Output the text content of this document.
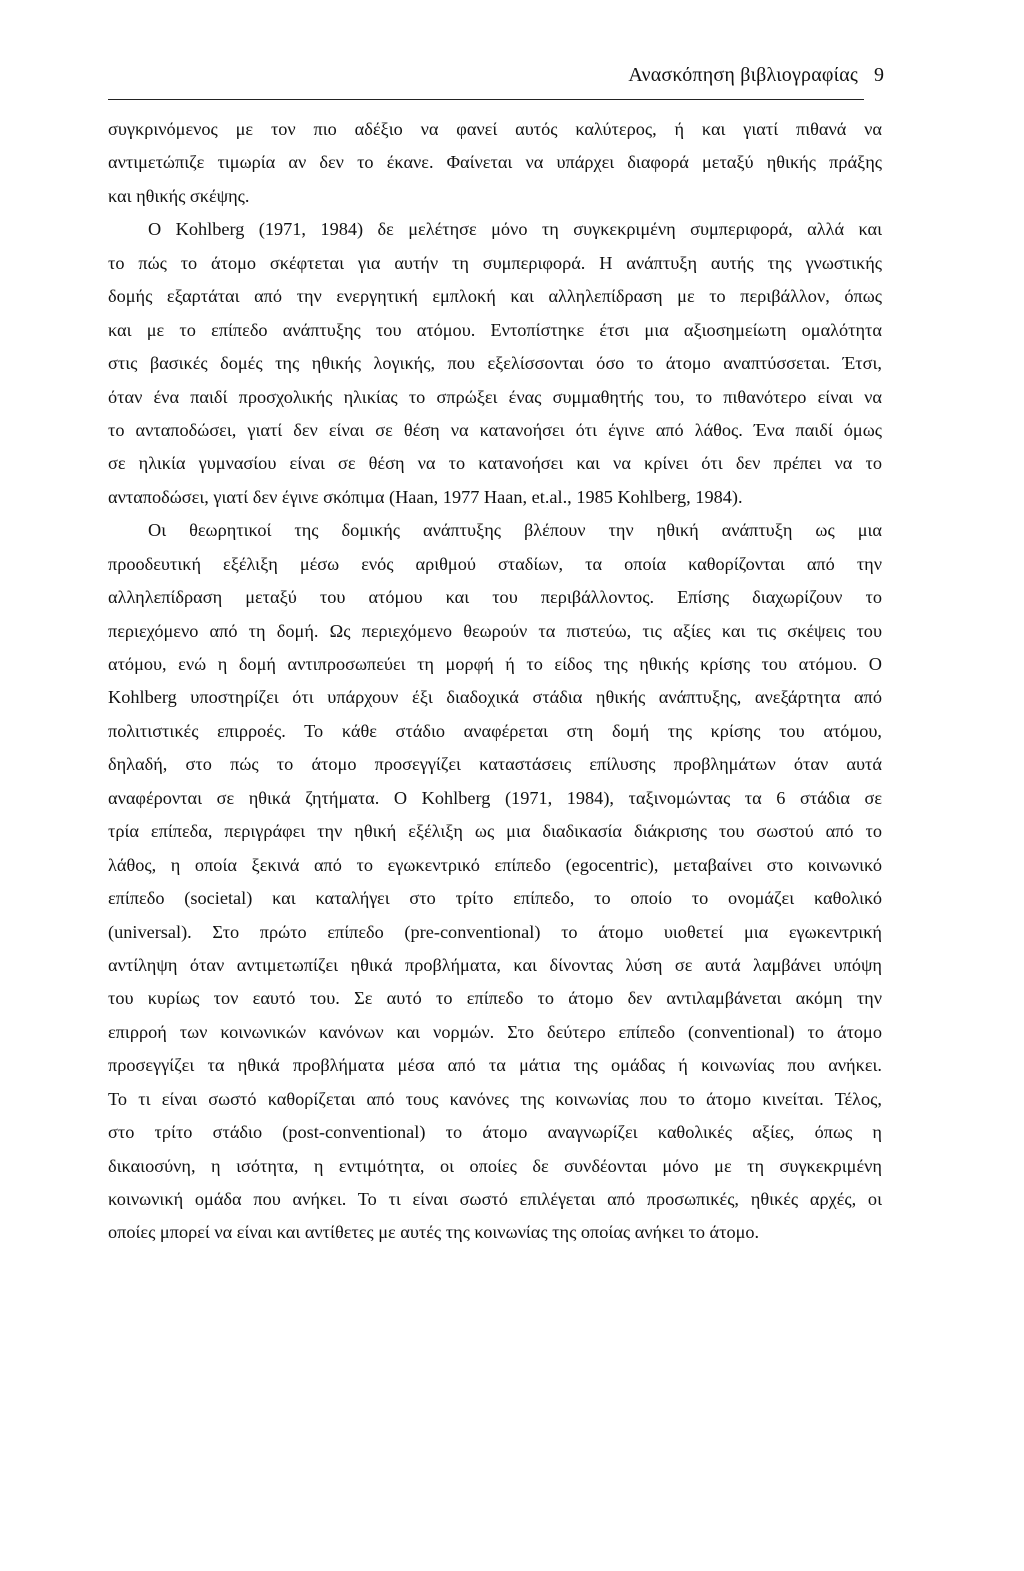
Ανασκόπηση βιβλιογραφίας 9
συγκρινόμενος με τον πιο αδέξιο να φανεί αυτός καλύτερος, ή και γιατί πιθανά να
αντιμετώπιζε τιμωρία αν δεν το έκανε. Φαίνεται να υπάρχει διαφορά μεταξύ ηθικής πράξης
και ηθικής σκέψης.
Ο Kohlberg (1971, 1984) δε μελέτησε μόνο τη συγκεκριμένη συμπεριφορά, αλλά και
το πώς το άτομο σκέφτεται για αυτήν τη συμπεριφορά. Η ανάπτυξη αυτής της γνωστικής
δομής εξαρτάται από την ενεργητική εμπλοκή και αλληλεπίδραση με το περιβάλλον, όπως
και με το επίπεδο ανάπτυξης του ατόμου. Εντοπίστηκε έτσι μια αξιοσημείωτη ομαλότητα
στις βασικές δομές της ηθικής λογικής, που εξελίσσονται όσο το άτομο αναπτύσσεται. Έτσι,
όταν ένα παιδί προσχολικής ηλικίας το σπρώξει ένας συμμαθητής του, το πιθανότερο είναι να
το ανταποδώσει, γιατί δεν είναι σε θέση να κατανοήσει ότι έγινε από λάθος. Ένα παιδί όμως
σε ηλικία γυμνασίου είναι σε θέση να το κατανοήσει και να κρίνει ότι δεν πρέπει να το
ανταποδώσει, γιατί δεν έγινε σκόπιμα (Haan, 1977 Haan, et.al., 1985 Kohlberg, 1984).
Οι θεωρητικοί της δομικής ανάπτυξης βλέπουν την ηθική ανάπτυξη ως μια
προοδευτική εξέλιξη μέσω ενός αριθμού σταδίων, τα οποία καθορίζονται από την
αλληλεπίδραση μεταξύ του ατόμου και του περιβάλλοντος. Επίσης διαχωρίζουν το
περιεχόμενο από τη δομή. Ως περιεχόμενο θεωρούν τα πιστεύω, τις αξίες και τις σκέψεις του
ατόμου, ενώ η δομή αντιπροσωπεύει τη μορφή ή το είδος της ηθικής κρίσης του ατόμου. Ο
Kohlberg υποστηρίζει ότι υπάρχουν έξι διαδοχικά στάδια ηθικής ανάπτυξης, ανεξάρτητα από
πολιτιστικές επιρροές. Το κάθε στάδιο αναφέρεται στη δομή της κρίσης του ατόμου,
δηλαδή, στο πώς το άτομο προσεγγίζει καταστάσεις επίλυσης προβλημάτων όταν αυτά
αναφέρονται σε ηθικά ζητήματα. Ο Kohlberg (1971, 1984), ταξινομώντας τα 6 στάδια σε
τρία επίπεδα, περιγράφει την ηθική εξέλιξη ως μια διαδικασία διάκρισης του σωστού από το
λάθος, η οποία ξεκινά από το εγωκεντρικό επίπεδο (egocentric), μεταβαίνει στο κοινωνικό
επίπεδο (societal) και καταλήγει στο τρίτο επίπεδο, το οποίο το ονομάζει καθολικό
(universal). Στο πρώτο επίπεδο (pre-conventional) το άτομο υιοθετεί μια εγωκεντρική
αντίληψη όταν αντιμετωπίζει ηθικά προβλήματα, και δίνοντας λύση σε αυτά λαμβάνει υπόψη
του κυρίως τον εαυτό του. Σε αυτό το επίπεδο το άτομο δεν αντιλαμβάνεται ακόμη την
επιρροή των κοινωνικών κανόνων και νορμών. Στο δεύτερο επίπεδο (conventional) το άτομο
προσεγγίζει τα ηθικά προβλήματα μέσα από τα μάτια της ομάδας ή κοινωνίας που ανήκει.
Το τι είναι σωστό καθορίζεται από τους κανόνες της κοινωνίας που το άτομο κινείται. Τέλος,
στο τρίτο στάδιο (post-conventional) το άτομο αναγνωρίζει καθολικές αξίες, όπως η
δικαιοσύνη, η ισότητα, η εντιμότητα, οι οποίες δε συνδέονται μόνο με τη συγκεκριμένη
κοινωνική ομάδα που ανήκει. Το τι είναι σωστό επιλέγεται από προσωπικές, ηθικές αρχές, οι
οποίες μπορεί να είναι και αντίθετες με αυτές της κοινωνίας της οποίας ανήκει το άτομο.
